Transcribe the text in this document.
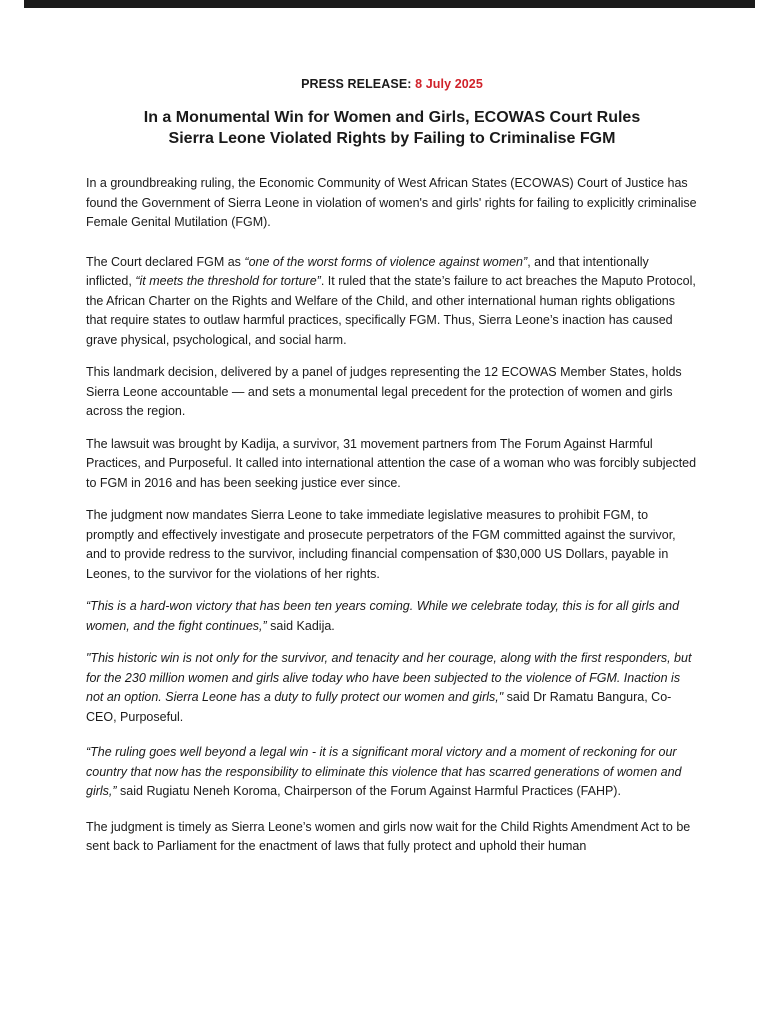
PRESS RELEASE: 8 July 2025

In a Monumental Win for Women and Girls, ECOWAS Court Rules
Sierra Leone Violated Rights by Failing to Criminalise FGM

In a groundbreaking ruling, the Economic Community of West African States (ECOWAS) Court of Justice has found the Government of Sierra Leone in violation of women's and girls' rights for failing to explicitly criminalise Female Genital Mutilation (FGM).

The Court declared FGM as “one of the worst forms of violence against women”, and that intentionally inflicted, “it meets the threshold for torture”. It ruled that the state’s failure to act breaches the Maputo Protocol, the African Charter on the Rights and Welfare of the Child, and other international human rights obligations that require states to outlaw harmful practices, specifically FGM. Thus, Sierra Leone’s inaction has caused grave physical, psychological, and social harm.

This landmark decision, delivered by a panel of judges representing the 12 ECOWAS Member States, holds Sierra Leone accountable — and sets a monumental legal precedent for the protection of women and girls across the region.

The lawsuit was brought by Kadija, a survivor, 31 movement partners from The Forum Against Harmful Practices, and Purposeful. It called into international attention the case of a woman who was forcibly subjected to FGM in 2016 and has been seeking justice ever since.

The judgment now mandates Sierra Leone to take immediate legislative measures to prohibit FGM, to promptly and effectively investigate and prosecute perpetrators of the FGM committed against the survivor, and to provide redress to the survivor, including financial compensation of $30,000 US Dollars, payable in Leones, to the survivor for the violations of her rights.

“This is a hard-won victory that has been ten years coming. While we celebrate today, this is for all girls and women, and the fight continues,” said Kadija.

"This historic win is not only for the survivor, and tenacity and her courage, along with the first responders, but for the 230 million women and girls alive today who have been subjected to the violence of FGM. Inaction is not an option. Sierra Leone has a duty to fully protect our women and girls," said Dr Ramatu Bangura, Co-CEO, Purposeful.

“The ruling goes well beyond a legal win - it is a significant moral victory and a moment of reckoning for our country that now has the responsibility to eliminate this violence that has scarred generations of women and girls,” said Rugiatu Neneh Koroma, Chairperson of the Forum Against Harmful Practices (FAHP).

The judgment is timely as Sierra Leone’s women and girls now wait for the Child Rights Amendment Act to be sent back to Parliament for the enactment of laws that fully protect and uphold their human
